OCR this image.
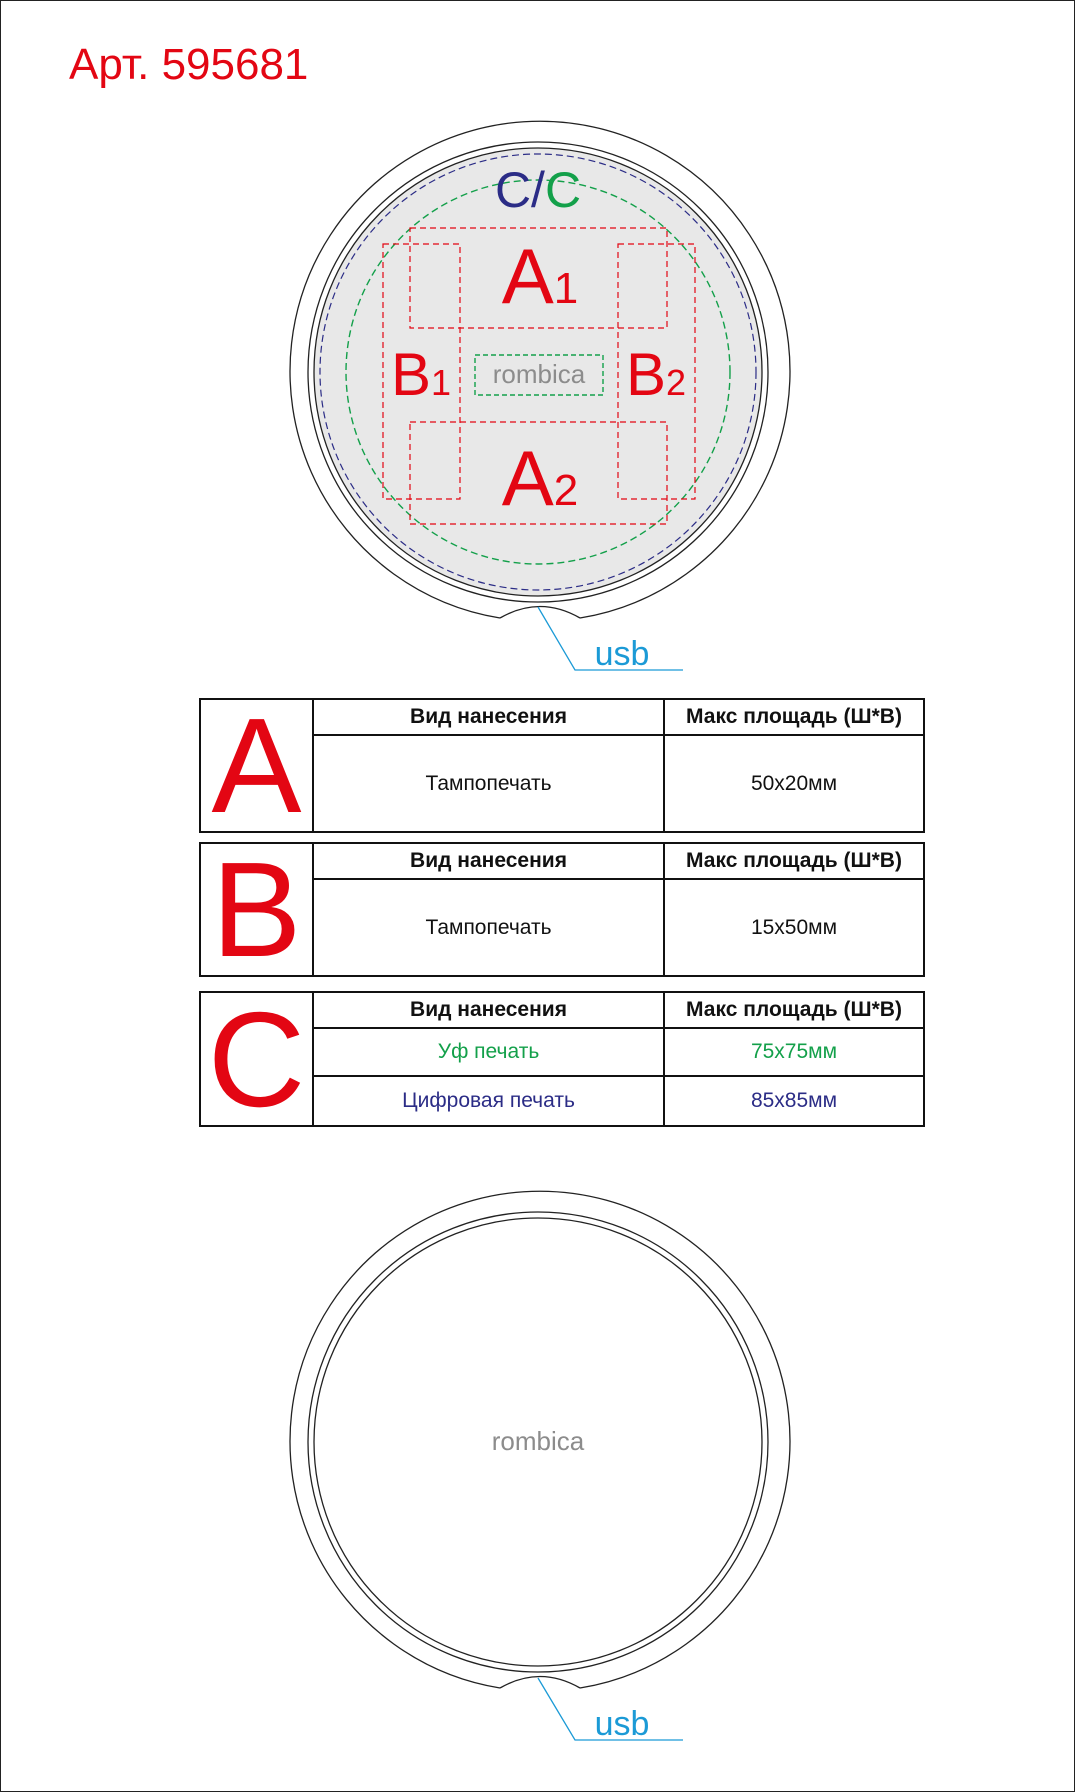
Арт. 595681
C/C
A1
A2
B1	B2
rombica
usb
A	Вид нанесения	Макс площадь (Ш*В)
Тампопечать	50х20мм
B	Вид нанесения	Макс площадь (Ш*В)
Тампопечать	15х50мм
C	Вид нанесения	Макс площадь (Ш*В)
Уф печать	75х75мм
Цифровая печать	85х85мм
rombica
usb
